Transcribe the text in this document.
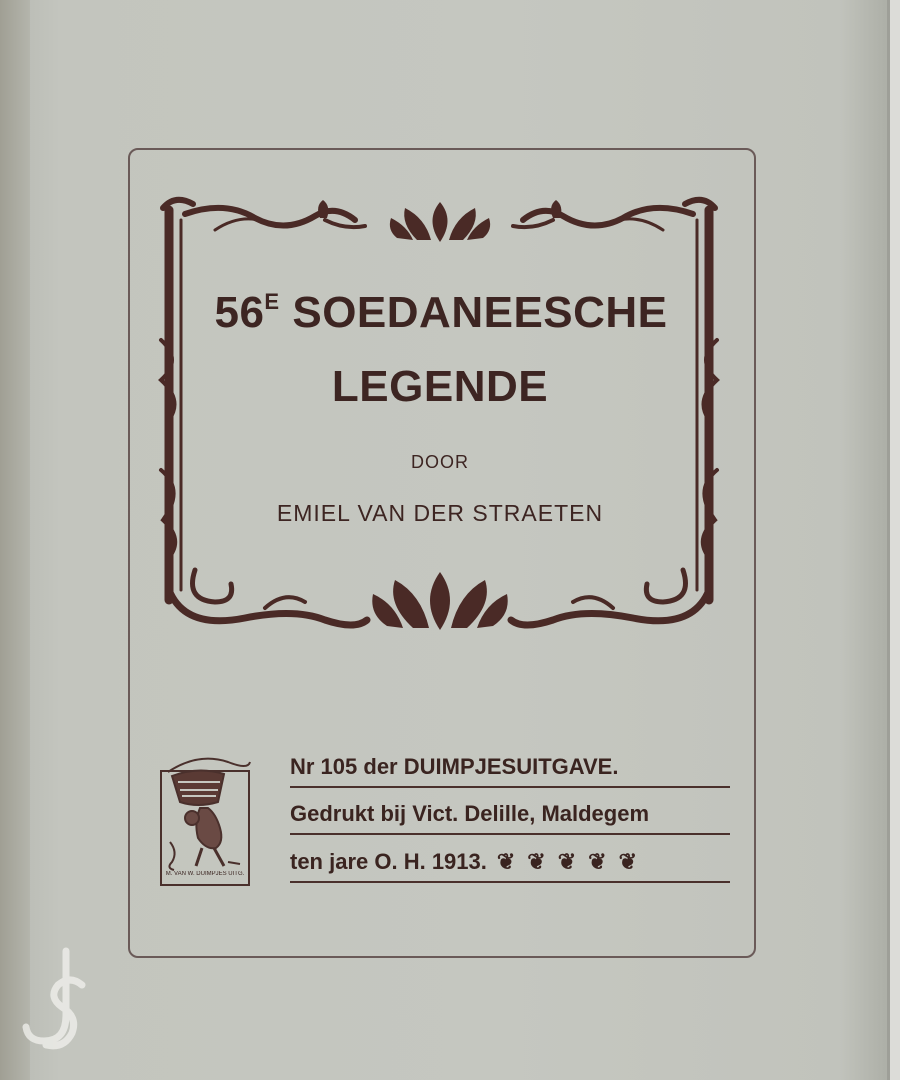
$56^E$ SOEDANEESCHE
LEGENDE

DOOR

EMIEL VAN DER STRAETEN

M. VAN W. DUIMPJES UITG.
Nr 105 der DUIMPJESUITGAVE.
Gedrukt bij Vict. Delille, Maldegem
ten jare O. H. 1913. ❦❦❦❦❦
